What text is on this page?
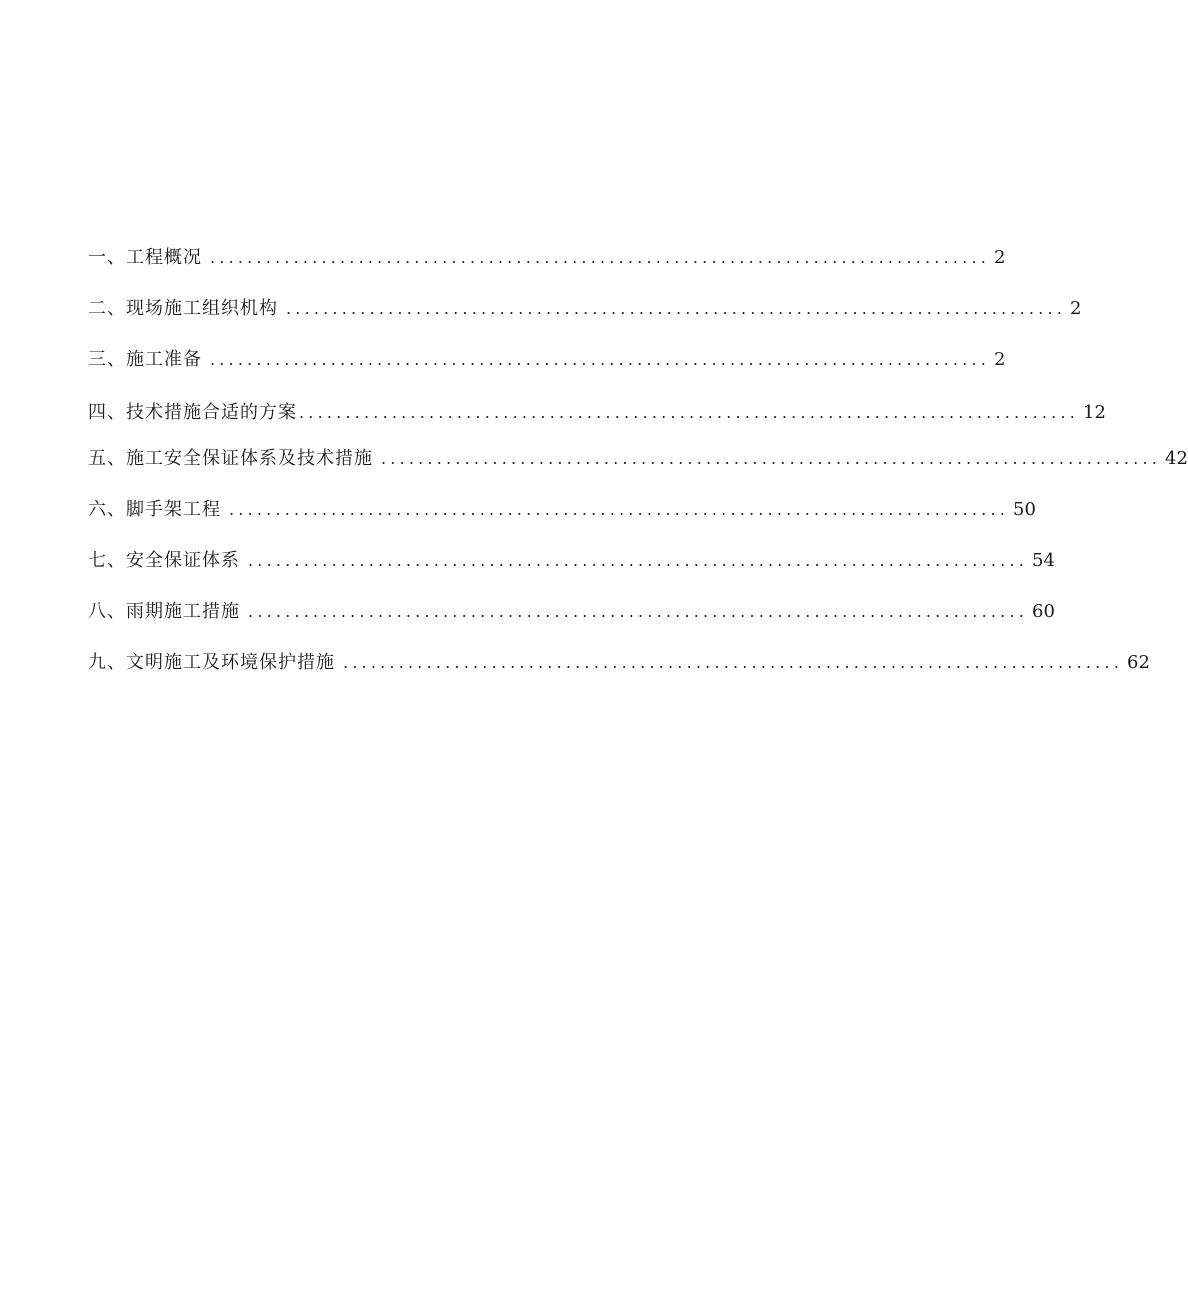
一、 工程概况 .................................................................................... 2
二、 现场施工组织机构 .................................................................................... 2
三、 施工准备 .................................................................................... 2
四、 技术措施合适的方案 .................................................................................... 12
五、 施工安全保证体系及技术措施 .................................................................................... 42
六、 脚手架工程 .................................................................................... 50
七、 安全保证体系 .................................................................................... 54
八、 雨期施工措施 .................................................................................... 60
九、 文明施工及环境保护措施 .................................................................................... 62
